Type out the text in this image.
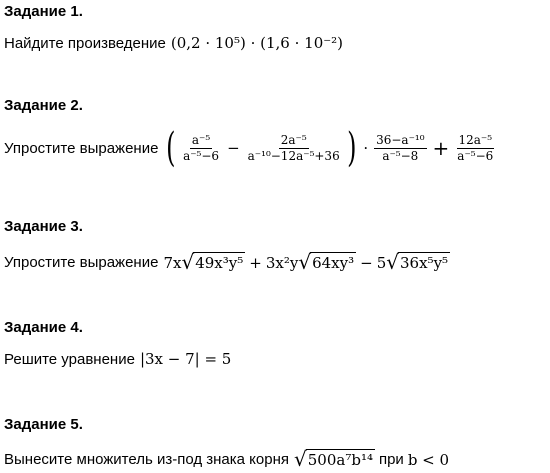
Задание 1.
Найдите произведение (0,2 · 10⁵) · (1,6 · 10⁻²)
Задание 2.
Упростите выражение ( $\frac{\text{a⁻⁵}}{\text{a⁻⁵−6}} - \frac{\text{2a⁻⁵}}{\text{a⁻¹⁰−12a⁻⁵+36}}$ ) · $\frac{\text{36−a⁻¹⁰}}{\text{a⁻⁵−8}} + \frac{\text{12a⁻⁵}}{\text{a⁻⁵−6}}$
Задание 3.
Упростите выражение 7x √ 49x³y⁵ + 3x²y √ 64xy³ − 5 √ 36x⁵y⁵
Задание 4.
Решите уравнение |3x − 7| = 5
Задание 5.
Вынесите множитель из-под знака корня √ 500a⁷b¹⁴ при b < 0
